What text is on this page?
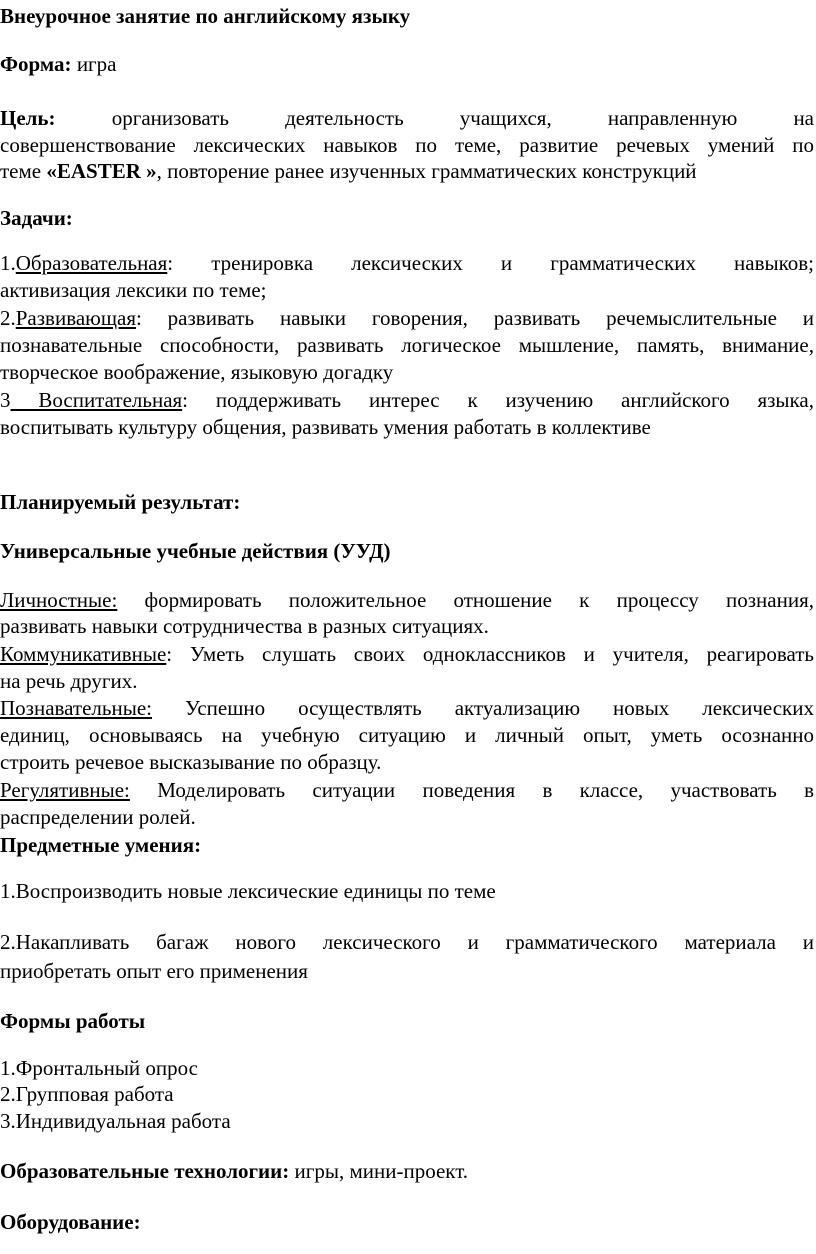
Внеурочное занятие по английскому языку
Форма: игра
Цель:	организовать деятельность учащихся, направленную на
совершенствование лексических навыков по теме, развитие речевых умений по
теме «EASTER », повторение ранее изученных грамматических конструкций
Задачи:
1.Образовательная: тренировка лексических и грамматических навыков;
активизация лексики по теме;
2.Развивающая: развивать навыки говорения, развивать речемыслительные и
познавательные способности, развивать логическое мышление, память, внимание,
творческое воображение, языковую догадку
3 Воспитательная: поддерживать интерес к изучению английского языка,
воспитывать культуру общения, развивать умения работать в коллективе
Планируемый результат:
Универсальные учебные действия (УУД)
Личностные: формировать положительное отношение к процессу познания,
развивать навыки сотрудничества в разных ситуациях.
Коммуникативные: Уметь слушать своих одноклассников и учителя, реагировать
на речь других.
Познавательные: Успешно осуществлять актуализацию новых лексических
единиц, основываясь на учебную ситуацию и личный опыт, уметь осознанно
строить речевое высказывание по образцу.
Регулятивные: Моделировать ситуации поведения в классе, участвовать в
распределении ролей.
Предметные умения:
1.Воспроизводить новые лексические единицы по теме
2.Накапливать багаж нового лексического и грамматического материала и
приобретать опыт его применения
Формы работы
1.Фронтальный опрос
2.Групповая работа
3.Индивидуальная работа
Образовательные технологии: игры, мини-проект.
Оборудование:
